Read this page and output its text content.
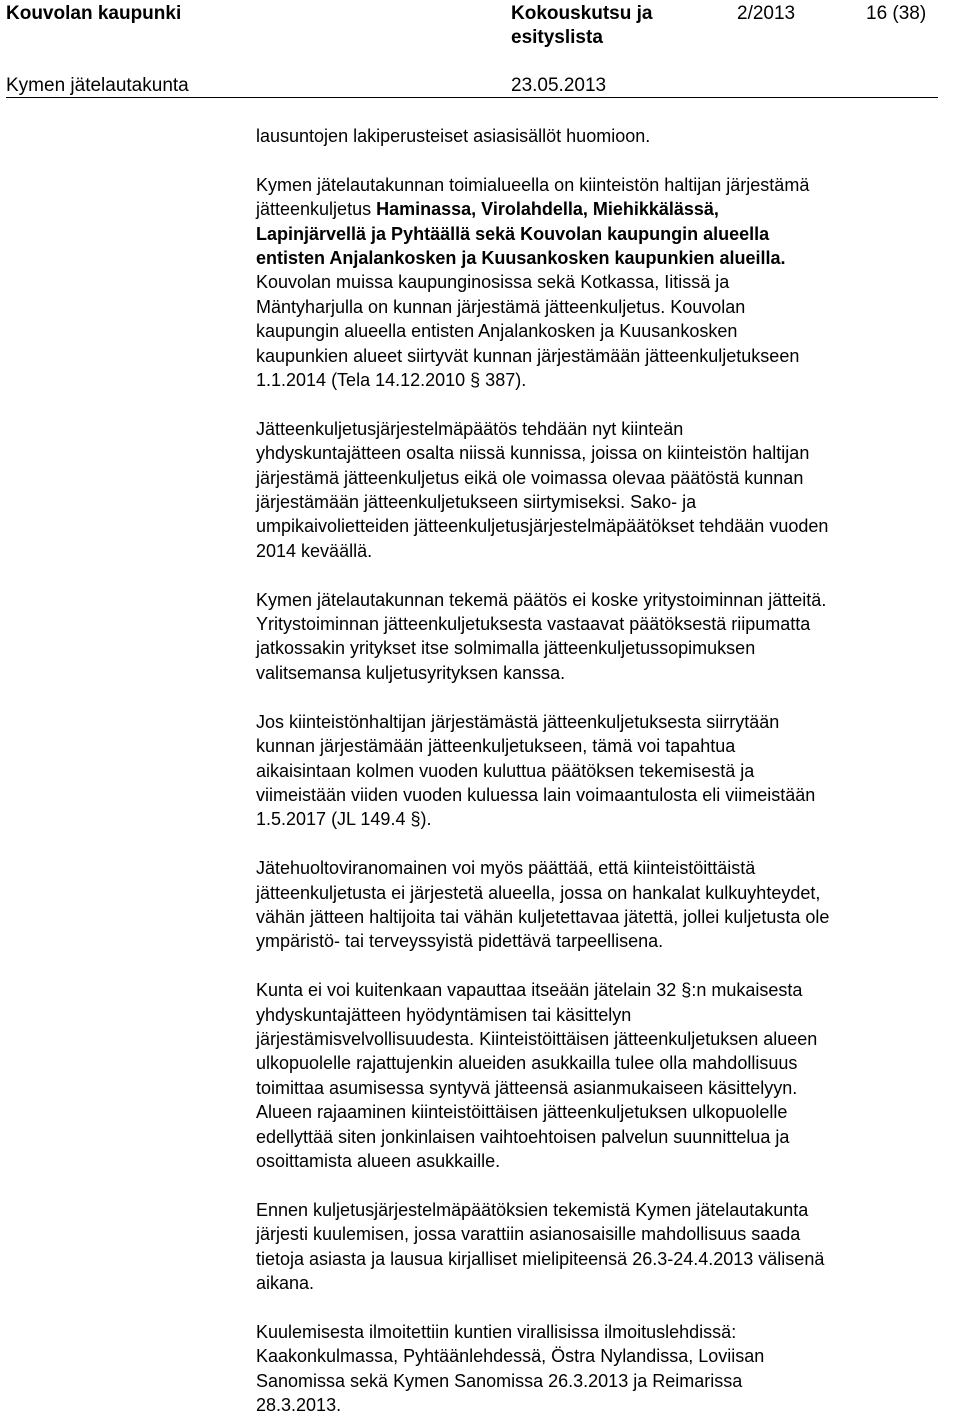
Kouvolan kaupunki	Kokouskutsu ja
esityslista
2/2013	16 (38)
Kymen jätelautakunta	23.05.2013

lausuntojen lakiperusteiset asiasisällöt huomioon.

Kymen jätelautakunnan toimialueella on kiinteistön haltijan järjestämä
jätteenkuljetus Haminassa, Virolahdella, Miehikkälässä,
Lapinjärvellä ja Pyhtäällä sekä Kouvolan kaupungin alueella
entisten Anjalankosken ja Kuusankosken kaupunkien alueilla.
Kouvolan muissa kaupunginosissa sekä Kotkassa, Iitissä ja
Mäntyharjulla on kunnan järjestämä jätteenkuljetus. Kouvolan
kaupungin alueella entisten Anjalankosken ja Kuusankosken
kaupunkien alueet siirtyvät kunnan järjestämään jätteenkuljetukseen
1.1.2014 (Tela 14.12.2010 § 387).

Jätteenkuljetusjärjestelmäpäätös tehdään nyt kiinteän
yhdyskuntajätteen osalta niissä kunnissa, joissa on kiinteistön haltijan
järjestämä jätteenkuljetus eikä ole voimassa olevaa päätöstä kunnan
järjestämään jätteenkuljetukseen siirtymiseksi. Sako- ja
umpikaivolietteiden jätteenkuljetusjärjestelmäpäätökset tehdään vuoden
2014 keväällä.

Kymen jätelautakunnan tekemä päätös ei koske yritystoiminnan jätteitä.
Yritystoiminnan jätteenkuljetuksesta vastaavat päätöksestä riipumatta
jatkossakin yritykset itse solmimalla jätteenkuljetussopimuksen
valitsemansa kuljetusyrityksen kanssa.

Jos kiinteistönhaltijan järjestämästä jätteenkuljetuksesta siirrytään
kunnan järjestämään jätteenkuljetukseen, tämä voi tapahtua
aikaisintaan kolmen vuoden kuluttua päätöksen tekemisestä ja
viimeistään viiden vuoden kuluessa lain voimaantulosta eli viimeistään
1.5.2017 (JL 149.4 §).

Jätehuoltoviranomainen voi myös päättää, että kiinteistöittäistä
jätteenkuljetusta ei järjestetä alueella, jossa on hankalat kulkuyhteydet,
vähän jätteen haltijoita tai vähän kuljetettavaa jätettä, jollei kuljetusta ole
ympäristö- tai terveyssyistä pidettävä tarpeellisena.

Kunta ei voi kuitenkaan vapauttaa itseään jätelain 32 §:n mukaisesta
yhdyskuntajätteen hyödyntämisen tai käsittelyn
järjestämisvelvollisuudesta. Kiinteistöittäisen jätteenkuljetuksen alueen
ulkopuolelle rajattujenkin alueiden asukkailla tulee olla mahdollisuus
toimittaa asumisessa syntyvä jätteensä asianmukaiseen käsittelyyn.
Alueen rajaaminen kiinteistöittäisen jätteenkuljetuksen ulkopuolelle
edellyttää siten jonkinlaisen vaihtoehtoisen palvelun suunnittelua ja
osoittamista alueen asukkaille.

Ennen kuljetusjärjestelmäpäätöksien tekemistä Kymen jätelautakunta
järjesti kuulemisen, jossa varattiin asianosaisille mahdollisuus saada
tietoja asiasta ja lausua kirjalliset mielipiteensä 26.3-24.4.2013 välisenä
aikana.

Kuulemisesta ilmoitettiin kuntien virallisissa ilmoituslehdissä:
Kaakonkulmassa, Pyhtäänlehdessä, Östra Nylandissa, Loviisan
Sanomissa sekä Kymen Sanomissa 26.3.2013 ja Reimarissa
28.3.2013.
